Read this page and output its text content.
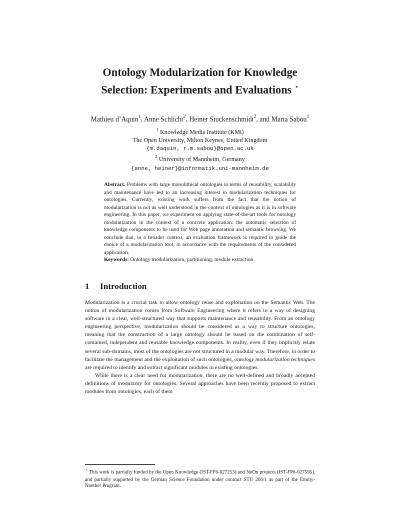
Ontology Modularization for Knowledge
Selection: Experiments and Evaluations ⋆
Mathieu d’Aquin$^1$, Anne Schlicht$^2$, Heiner Stuckenschmidt$^2$, and Marta Sabou$^1$
$^1$ Knowledge Media Institute (KMi)
The Open University, Milton Keynes, United Kingdom
{m.daquin, r.m.sabou}@open.ac.uk
$^2$ University of Mannheim, Germany
{anne, heiner}@informatik.uni-mannheim.de
Abstract. Problems with large monolithical ontologies in terms of reusability, scalability and maintenance have led to an increasing interest in modularization techniques for ontologies. Currently, existing work suffers from the fact that the notion of modularization is not as well understood in the context of ontologies as it is in software engineering. In this paper, we experiment on applying state-of-the-art tools for ontology modularization in the context of a concrete application: the automatic selection of knowledge components to be used for Web page annotation and semantic browsing. We conclude that, in a broader context, an evaluation framework is required to guide the choice of a modularization tool, in accordance with the requirements of the considered application.
Keywords: Ontology modularization, partitioning, module extraction
1 Introduction

Modularization is a crucial task to allow ontology reuse and exploitation on the Semantic Web. The notion of modularization comes from Software Engineering where it refers to a way of designing software in a clear, well-structured way that supports maintenance and reusability. From an ontology engineering perspective, modularization should be considered as a way to structure ontologies, meaning that the construction of a large ontology should be based on the combination of self-contained, independent and reusable knowledge components. In reality, even if they implicitly relate several sub-domains, most of the ontologies are not structured in a modular way. Therefore, in order to facilitate the management and the exploitation of such ontologies, ontology modularization techniques are required to identify and extract significant modules in existing ontologies.

While there is a clear need for modularization, there are no well-defined and broadly accepted definitions of modularity for ontologies. Several approaches have been recently proposed to extract modules from ontologies, each of them

⋆ This work is partially funded by the Open Knowledge (IST-FF6-027253) and NeOn projects (IST-FP6-027595), and partially supported by the German Science Foundation under contract STU 266/1 as part of the Emmy-Noether Program.
